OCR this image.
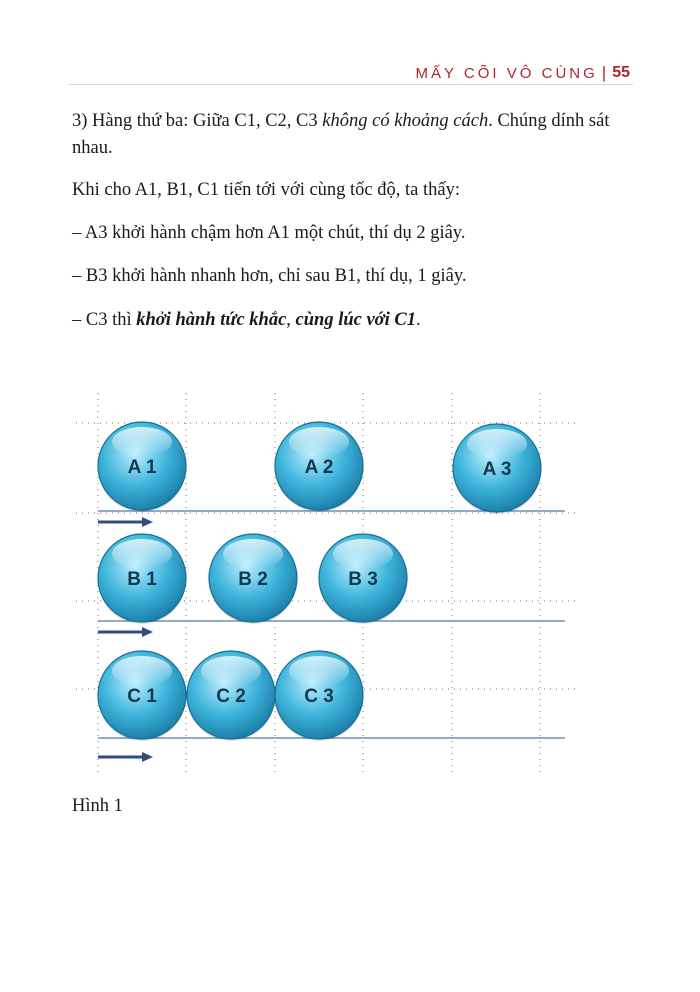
MẤY CÕI VÔ CÙNG | 55

3) Hàng thứ ba: Giữa C1, C2, C3 không có khoảng cách. Chúng dính sát nhau.

Khi cho A1, B1, C1 tiến tới với cùng tốc độ, ta thấy:

– A3 khởi hành chậm hơn A1 một chút, thí dụ 2 giây.

– B3 khởi hành nhanh hơn, chỉ sau B1, thí dụ, 1 giây.

– C3 thì khởi hành tức khắc, cùng lúc với C1.

A 1	A 2	A 3
B 1	B 2	B 3
C 1	C 2	C 3

Hình 1
